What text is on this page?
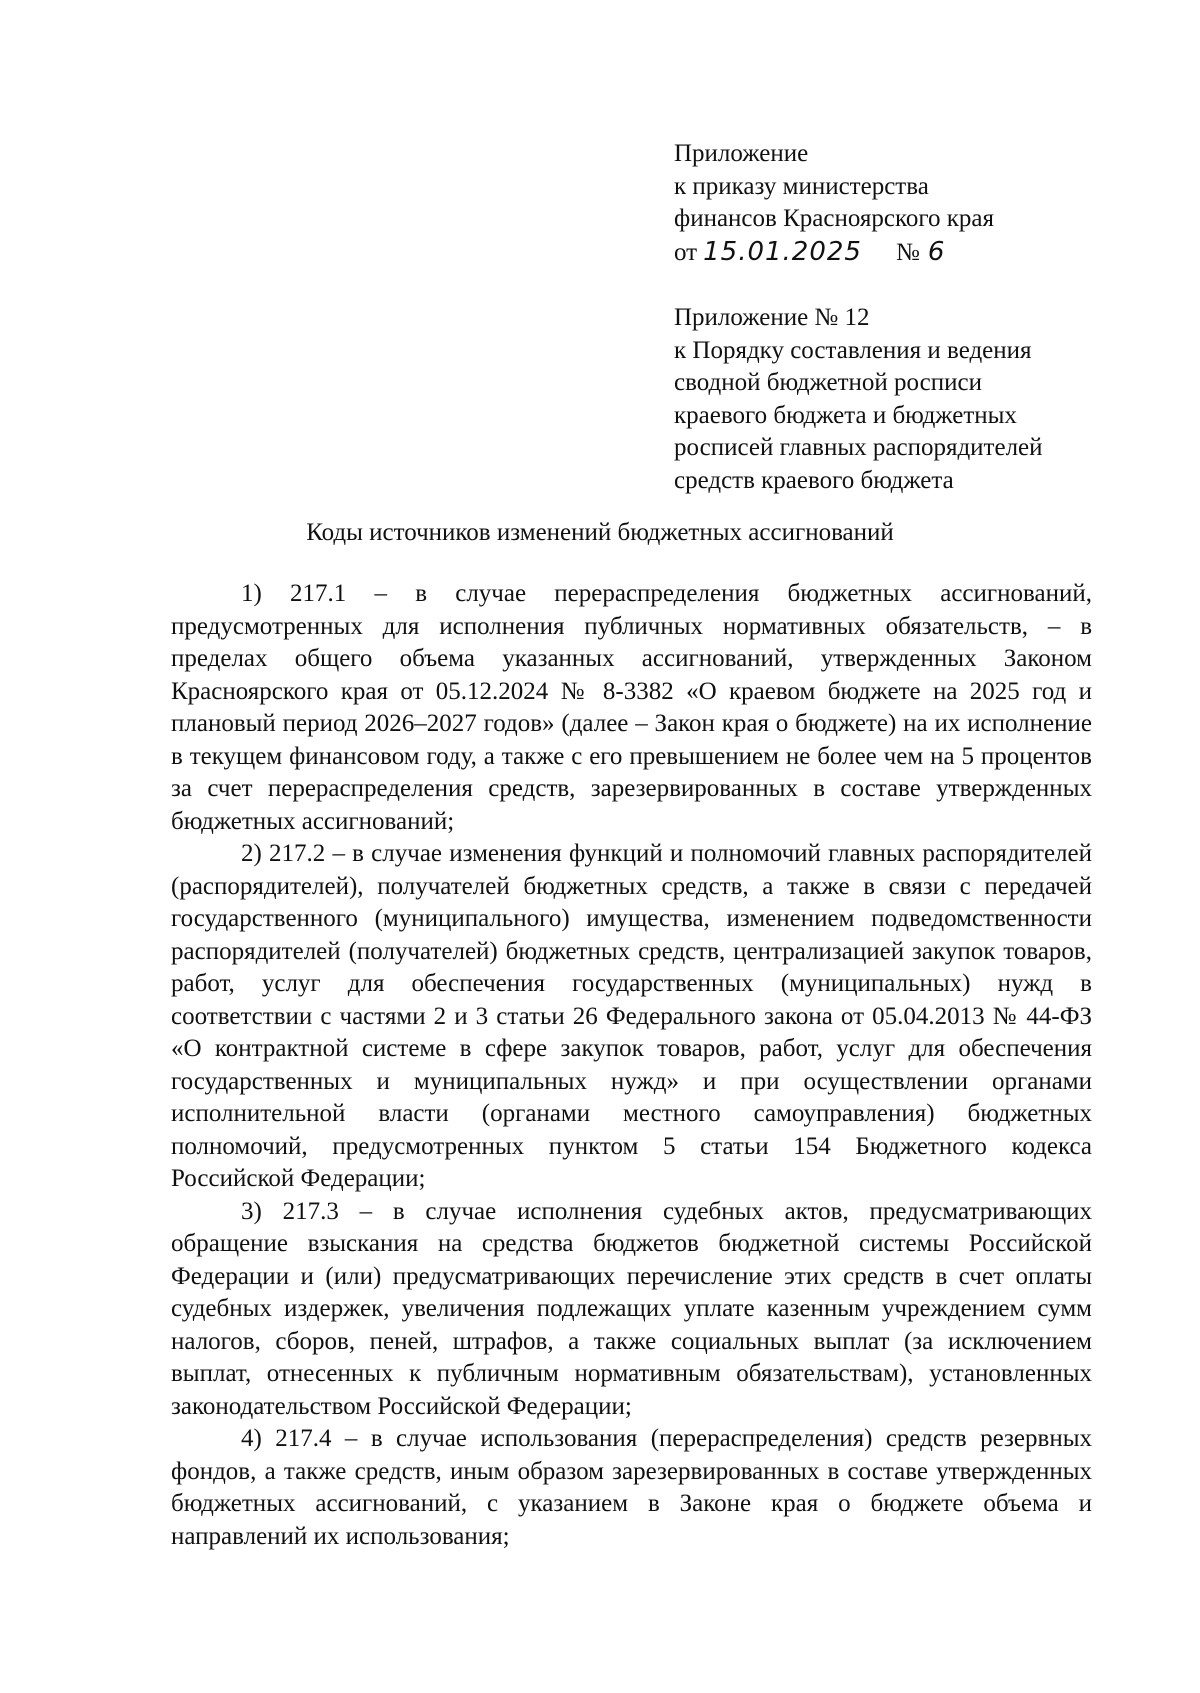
Приложение
к приказу министерства
финансов Красноярского края
от 15.01.2025 № 6
Приложение № 12
к Порядку составления и ведения
сводной бюджетной росписи
краевого бюджета и бюджетных
росписей главных распорядителей
средств краевого бюджета
Коды источников изменений бюджетных ассигнований

1) 217.1 – в случае перераспределения бюджетных ассигнований, предусмотренных для исполнения публичных нормативных обязательств, – в пределах общего объема указанных ассигнований, утвержденных Законом Красноярского края от 05.12.2024 № 8-3382 «О краевом бюджете на 2025 год и плановый период 2026–2027 годов» (далее – Закон края о бюджете) на их исполнение в текущем финансовом году, а также с его превышением не более чем на 5 процентов за счет перераспределения средств, зарезервированных в составе утвержденных бюджетных ассигнований;

2) 217.2 – в случае изменения функций и полномочий главных распорядителей (распорядителей), получателей бюджетных средств, а также в связи с передачей государственного (муниципального) имущества, изменением подведомственности распорядителей (получателей) бюджетных средств, централизацией закупок товаров, работ, услуг для обеспечения государственных (муниципальных) нужд в соответствии с частями 2 и 3 статьи 26 Федерального закона от 05.04.2013 № 44-ФЗ «О контрактной системе в сфере закупок товаров, работ, услуг для обеспечения государственных и муниципальных нужд» и при осуществлении органами исполнительной власти (органами местного самоуправления) бюджетных полномочий, предусмотренных пунктом 5 статьи 154 Бюджетного кодекса Российской Федерации;

3) 217.3 – в случае исполнения судебных актов, предусматривающих обращение взыскания на средства бюджетов бюджетной системы Российской Федерации и (или) предусматривающих перечисление этих средств в счет оплаты судебных издержек, увеличения подлежащих уплате казенным учреждением сумм налогов, сборов, пеней, штрафов, а также социальных выплат (за исключением выплат, отнесенных к публичным нормативным обязательствам), установленных законодательством Российской Федерации;

4) 217.4 – в случае использования (перераспределения) средств резервных фондов, а также средств, иным образом зарезервированных в составе утвержденных бюджетных ассигнований, с указанием в Законе края о бюджете объема и направлений их использования;
